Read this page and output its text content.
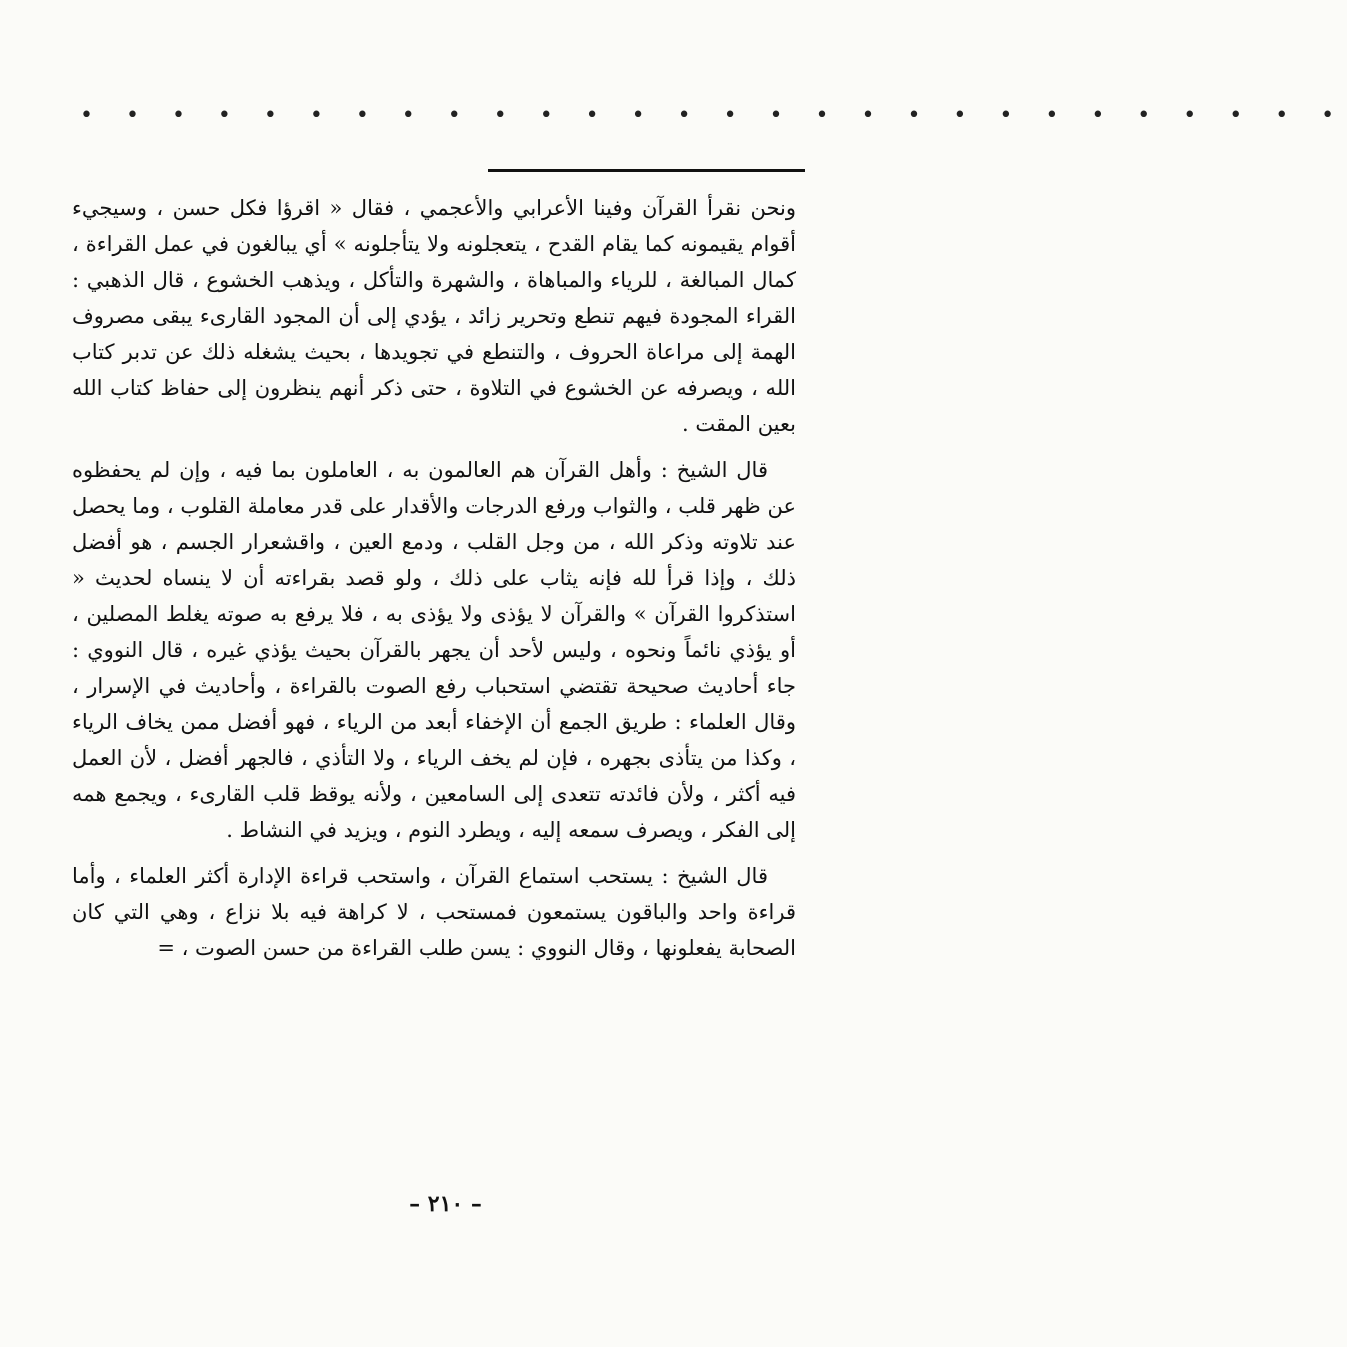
• • • • • • • • • • • • • • • • • • • • • • • • • • • •

ونحن نقرأ القرآن وفينا الأعرابي والأعجمي ، فقال « اقرؤا فكل حسن ، وسيجيء أقوام يقيمونه كما يقام القدح ، يتعجلونه ولا يتأجلونه » أي يبالغون في عمل القراءة ، كمال المبالغة ، للرياء والمباهاة ، والشهرة والتأكل ، ويذهب الخشوع ، قال الذهبي : القراء المجودة فيهم تنطع وتحرير زائد ، يؤدي إلى أن المجود القارىء يبقى مصروف الهمة إلى مراعاة الحروف ، والتنطع في تجويدها ، بحيث يشغله ذلك عن تدبر كتاب الله ، ويصرفه عن الخشوع في التلاوة ، حتى ذكر أنهم ينظرون إلى حفاظ كتاب الله بعين المقت .

قال الشيخ : وأهل القرآن هم العالمون به ، العاملون بما فيه ، وإن لم يحفظوه عن ظهر قلب ، والثواب ورفع الدرجات والأقدار على قدر معاملة القلوب ، وما يحصل عند تلاوته وذكر الله ، من وجل القلب ، ودمع العين ، واقشعرار الجسم ، هو أفضل ذلك ، وإذا قرأ لله فإنه يثاب على ذلك ، ولو قصد بقراءته أن لا ينساه لحديث « استذكروا القرآن » والقرآن لا يؤذى ولا يؤذى به ، فلا يرفع به صوته يغلط المصلين ، أو يؤذي نائماً ونحوه ، وليس لأحد أن يجهر بالقرآن بحيث يؤذي غيره ، قال النووي : جاء أحاديث صحيحة تقتضي استحباب رفع الصوت بالقراءة ، وأحاديث في الإسرار ، وقال العلماء : طريق الجمع أن الإخفاء أبعد من الرياء ، فهو أفضل ممن يخاف الرياء ، وكذا من يتأذى بجهره ، فإن لم يخف الرياء ، ولا التأذي ، فالجهر أفضل ، لأن العمل فيه أكثر ، ولأن فائدته تتعدى إلى السامعين ، ولأنه يوقظ قلب القارىء ، ويجمع همه إلى الفكر ، ويصرف سمعه إليه ، ويطرد النوم ، ويزيد في النشاط .

قال الشيخ : يستحب استماع القرآن ، واستحب قراءة الإدارة أكثر العلماء ، وأما قراءة واحد والباقون يستمعون فمستحب ، لا كراهة فيه بلا نزاع ، وهي التي كان الصحابة يفعلونها ، وقال النووي : يسن طلب القراءة من حسن الصوت ، =

– ٢١٠ –
